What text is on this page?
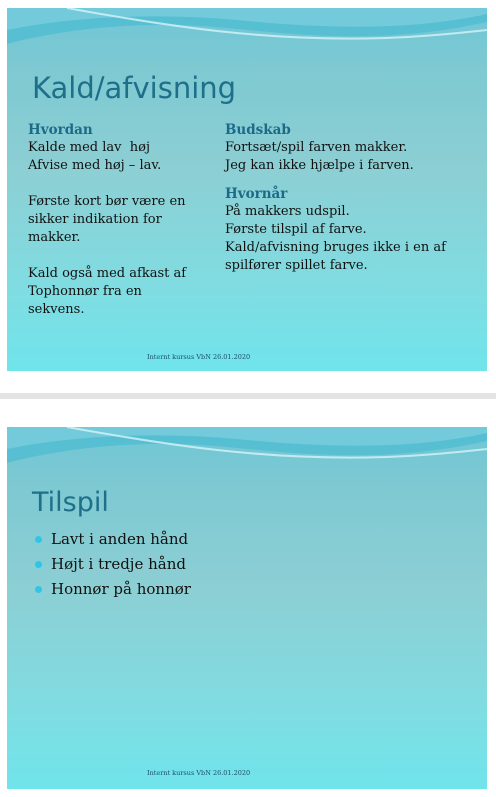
Kald/afvisning
Hvordan
Kalde med lav  høj
Afvise med høj – lav.
Første kort bør være en
sikker indikation for
makker.
Kald også med afkast af
Tophonnør fra en
sekvens.
Budskab
Fortsæt/spil farven makker.
Jeg kan ikke hjælpe i farven.
Hvornår
På makkers udspil.
Første tilspil af farve.
Kald/afvisning bruges ikke i en af
spilfører spillet farve.
Internt kursus VbN 26.01.2020
Tilspil
Lavt i anden hånd
Højt i tredje hånd
Honnør på honnør
Internt kursus VbN 26.01.2020
